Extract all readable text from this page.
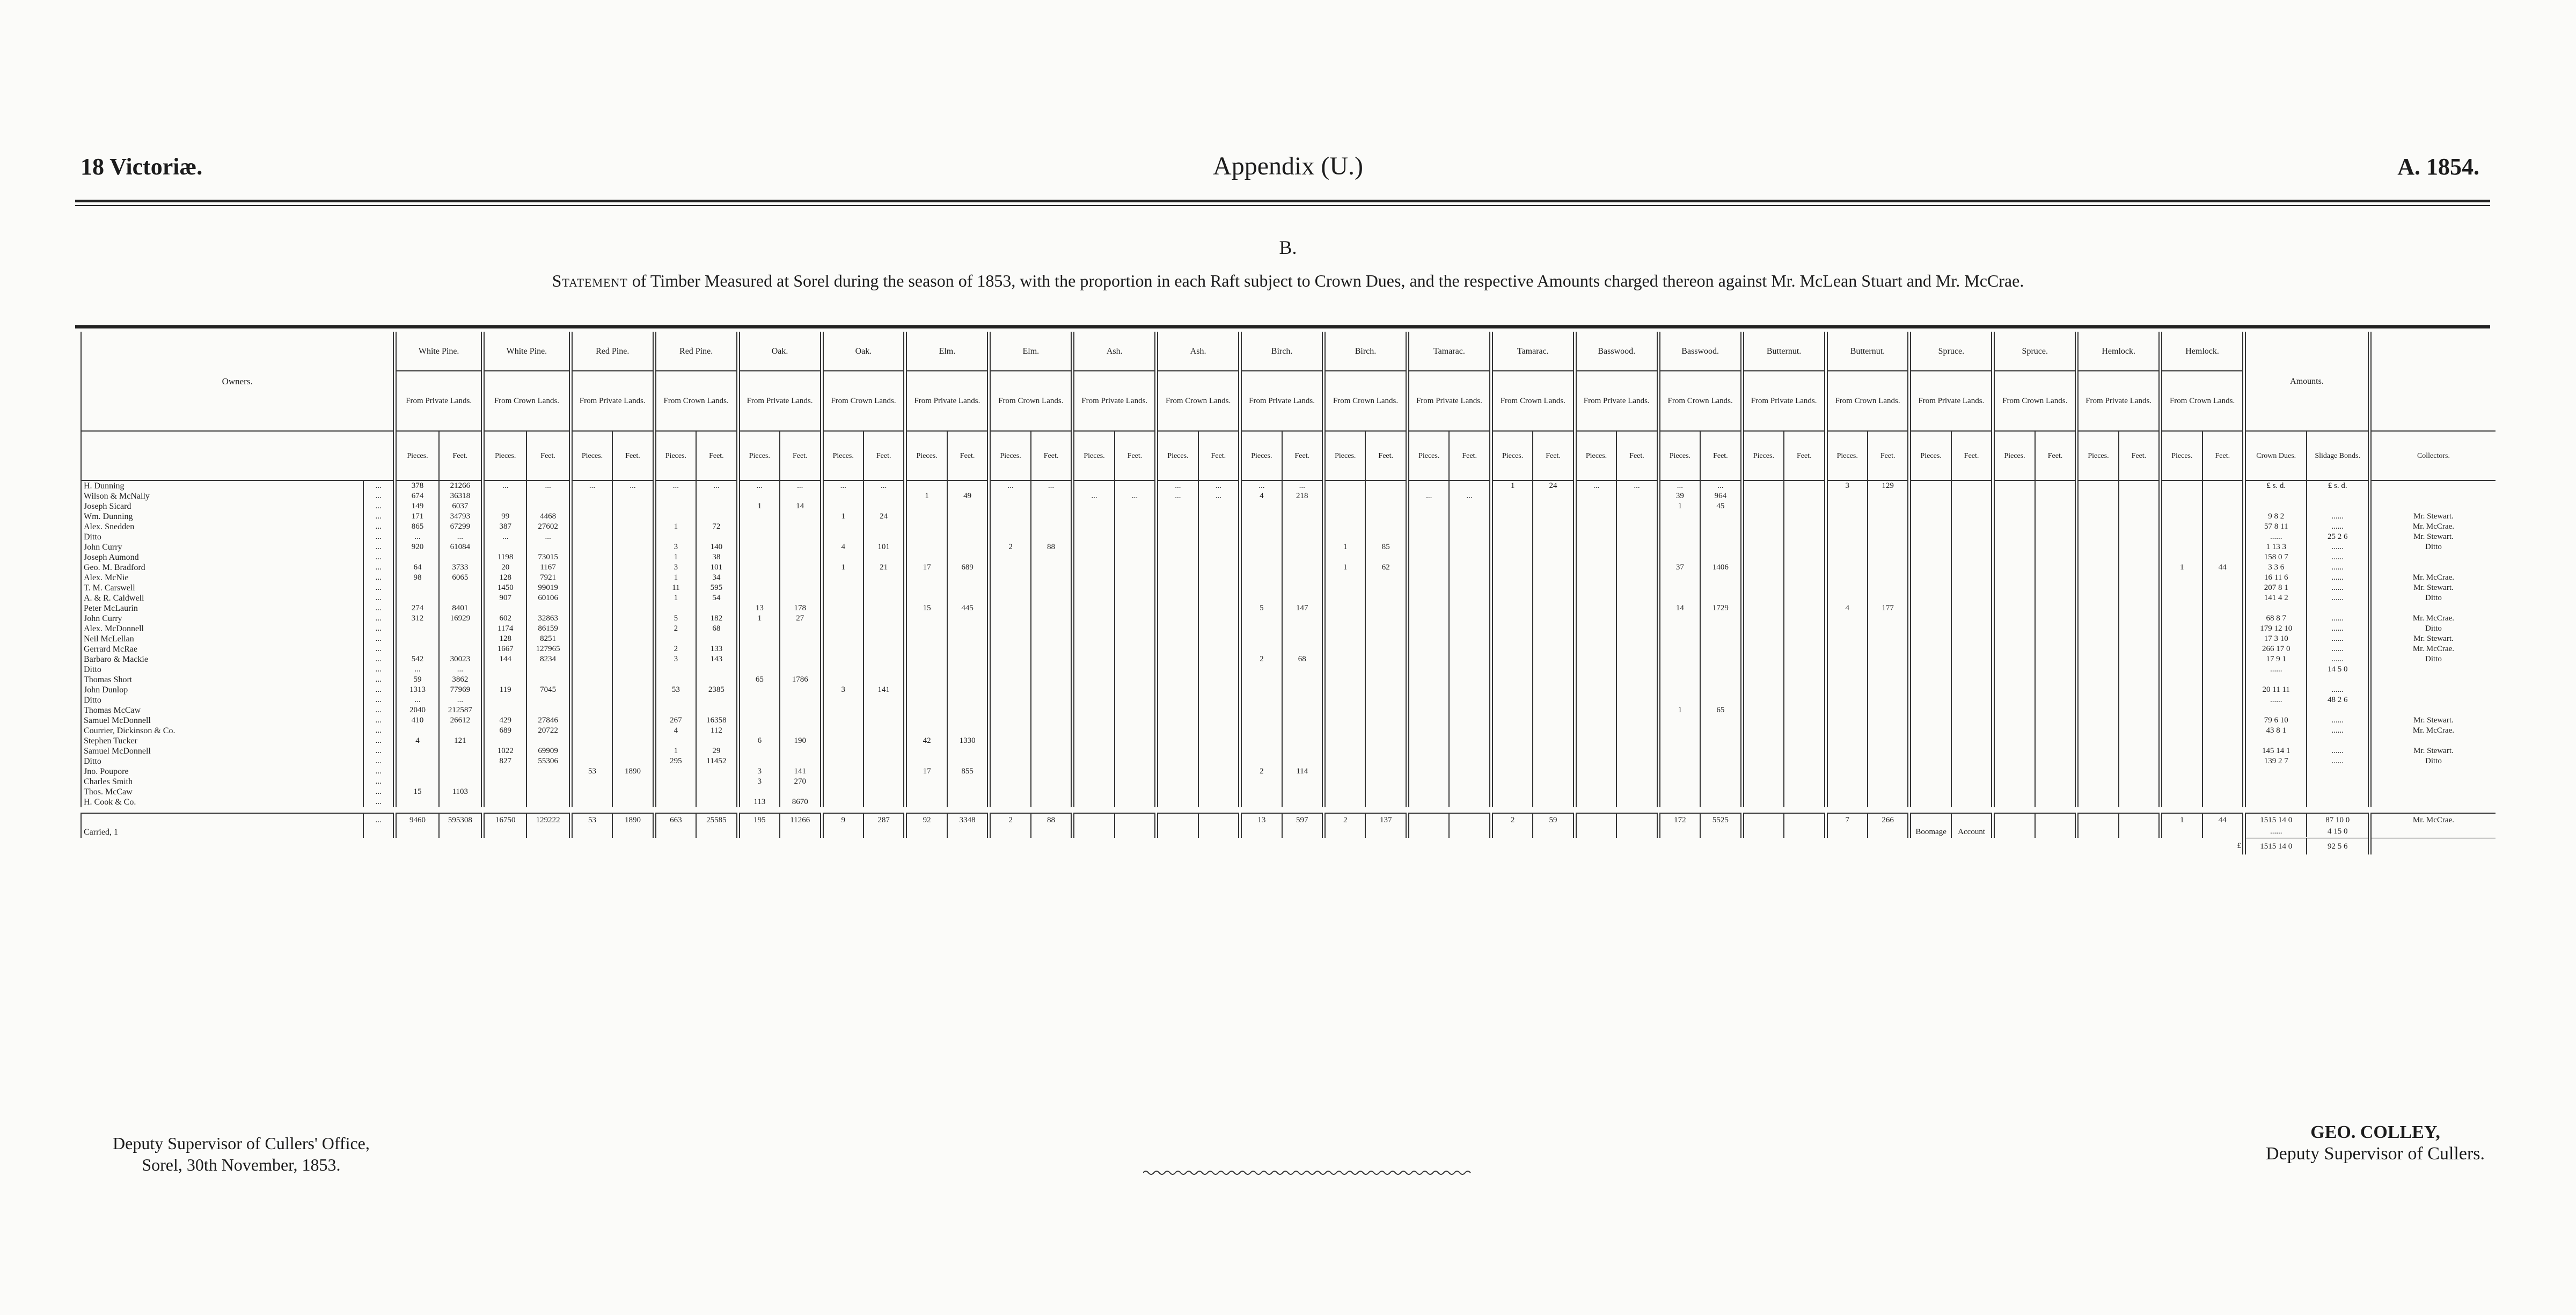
18 Victoriæ.	Appendix (U.)	A. 1854.
B.
Statement of Timber Measured at Sorel during the season of 1853, with the proportion in each Raft subject to Crown Dues, and the respective Amounts charged thereon against Mr. McLean Stuart and Mr. McCrae.
Owners.		White Pine.		White Pine.		Red Pine.		Red Pine.		Oak.		Oak.		Elm.		Elm.		Ash.		Ash.		Birch.		Birch.		Tamarac.		Tamarac.		Basswood.		Basswood.		Butternut.		Butternut.		Spruce.		Spruce.		Hemlock.		Hemlock.		Amounts.		
		From Private Lands.		From Crown Lands.		From Private Lands.		From Crown Lands.		From Private Lands.		From Crown Lands.		From Private Lands.		From Crown Lands.		From Private Lands.		From Crown Lands.		From Private Lands.		From Crown Lands.		From Private Lands.		From Crown Lands.		From Private Lands.		From Crown Lands.		From Private Lands.		From Crown Lands.		From Private Lands.		From Crown Lands.		From Private Lands.		From Crown Lands.				
		Pieces.	Feet.	Pieces.	Feet.	Pieces.	Feet.	Pieces.	Feet.	Pieces.	Feet.	Pieces.	Feet.	Pieces.	Feet.	Pieces.	Feet.	Pieces.	Feet.	Pieces.	Feet.	Pieces.	Feet.	Pieces.	Feet.	Pieces.	Feet.	Pieces.	Feet.	Pieces.	Feet.	Pieces.	Feet.	Pieces.	Feet.	Pieces.	Feet.	Pieces.	Feet.	Pieces.	Feet.	Pieces.	Feet.	Pieces.	Feet.	Crown Dues.	Slidage Bonds.	Collectors.
H. Dunning	...	378	21266	...	...	...	...	...	...	...	...	...	...			...	...			...	...	...	...					1	24	...	...	...	...			3	129									£ s. d.	£ s. d.	
Wilson & McNally	...	674	36318											1	49			...	...	...	...	4	218			...	...					39	964															
Joseph Sicard	...	149	6037							1	14																					1	45															
Wm. Dunning	...	171	34793	99	4468							1	24																																	9 8 2	......	Mr. Stewart.
Alex. Snedden	...	865	67299	387	27602			1	72																																					57 8 11	......	Mr. McCrae.
Ditto	...	...	...	...	...																																									......	25 2 6	Mr. Stewart.
John Curry	...	920	61084					3	140			4	101			2	88							1	85																					1 13 3	......	Ditto
Joseph Aumond	...			1198	73015			1	38																																					158 0 7	......	
Geo. M. Bradford	...	64	3733	20	1167			3	101			1	21	17	689									1	62							37	1406											1	44	3 3 6	......	
Alex. McNie	...	98	6065	128	7921			1	34																																					16 11 6	......	Mr. McCrae.
T. M. Carswell	...			1450	99019			11	595																																					207 8 1	......	Mr. Stewart.
A. & R. Caldwell	...			907	60106			1	54																																					141 4 2	......	Ditto
Peter McLaurin	...	274	8401							13	178			15	445							5	147									14	1729			4	177											
John Curry	...	312	16929	602	32863			5	182	1	27																																			68 8 7	......	Mr. McCrae.
Alex. McDonnell	...			1174	86159			2	68																																					179 12 10	......	Ditto
Neil McLellan	...			128	8251																																									17 3 10	......	Mr. Stewart.
Gerrard McRae	...			1667	127965			2	133																																					266 17 0	......	Mr. McCrae.
Barbaro & Mackie	...	542	30023	144	8234			3	143													2	68																							17 9 1	......	Ditto
Ditto	...	...	...																																											......	14 5 0	
Thomas Short	...	59	3862							65	1786																																					
John Dunlop	...	1313	77969	119	7045			53	2385			3	141																																	20 11 11	......	
Ditto	...	...	...																																											......	48 2 6	
Thomas McCaw	...	2040	212587																													1	65															
Samuel McDonnell	...	410	26612	429	27846			267	16358																																					79 6 10	......	Mr. Stewart.
Courrier, Dickinson & Co.	...			689	20722			4	112																																					43 8 1	......	Mr. McCrae.
Stephen Tucker	...	4	121							6	190			42	1330																																	
Samuel McDonnell	...			1022	69909			1	29																																					145 14 1	......	Mr. Stewart.
Ditto	...			827	55306			295	11452																																					139 2 7	......	Ditto
Jno. Poupore	...					53	1890			3	141			17	855							2	114																									
Charles Smith	...									3	270																																					
Thos. McCaw	...	15	1103																																													
H. Cook & Co.	...									113	8670																																					

	...	9460	595308	16750	129222	53	1890	663	25585	195	11266	9	287	92	3348	2	88					13	597	2	137			2	59			172	5525			7	266							1	44	1515 14 0	87 10 0	Mr. McCrae.
Carried, 1																																						Boomage	Account							......	4 15 0	
£																																														1515 14 0	92 5 6	
Deputy Supervisor of Cullers' Office,
Sorel, 30th November, 1853.
GEO. COLLEY,
Deputy Supervisor of Cullers.
